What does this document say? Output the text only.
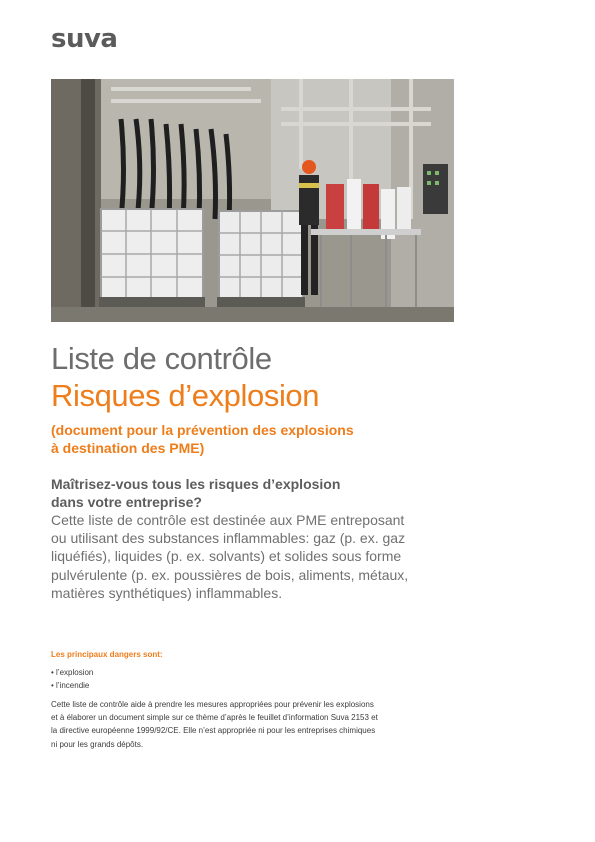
suva
Liste de contrôle
Risques d’explosion
(document pour la prévention des explosions
à destination des PME)
Maîtrisez-vous tous les risques d’explosion
dans votre entreprise?
Cette liste de contrôle est destinée aux PME entreposant
ou utilisant des substances inflammables: gaz (p. ex. gaz
liquéfiés), liquides (p. ex. solvants) et solides sous forme
pulvérulente (p. ex. poussières de bois, aliments, métaux,
matières synthétiques) inflammables.
Les principaux dangers sont:
• l’explosion
• l’incendie
Cette liste de contrôle aide à prendre les mesures appropriées pour prévenir les explosions
et à élaborer un document simple sur ce thème d’après le feuillet d’information Suva 2153 et
la directive européenne 1999/92/CE. Elle n’est appropriée ni pour les entreprises chimiques
ni pour les grands dépôts.
